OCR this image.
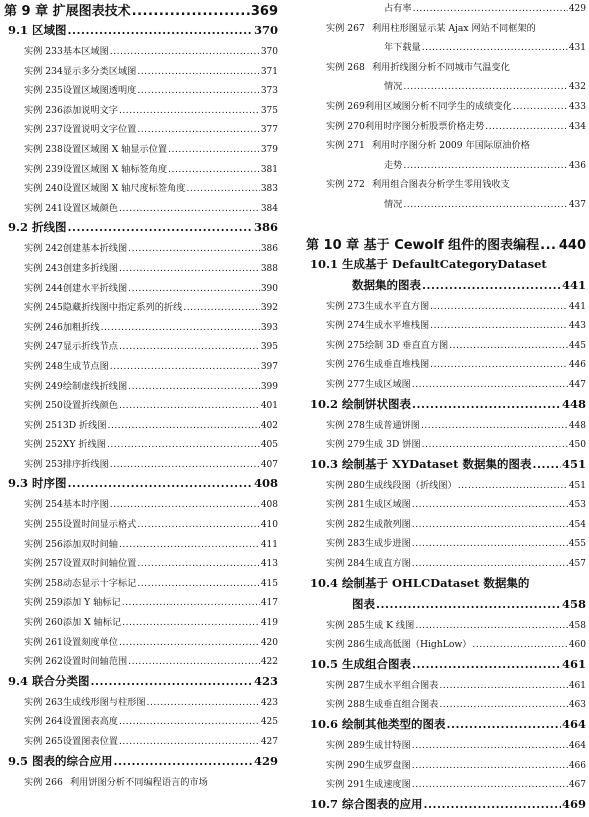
第 9 章 扩展图表技术 .....	369
9.1 区域图 .....	370
实例 233 基本区域图 .....	370
实例 234 显示多分类区域图 .....	371
实例 235 设置区域图透明度 .....	373
实例 236 添加说明文字 .....	375
实例 237 设置说明文字位置 .....	377
实例 238 设置区域图 X 轴显示位置 .....	379
实例 239 设置区域图 X 轴标签角度 .....	381
实例 240 设置区域图 X 轴尺度标签角度 .....	383
实例 241 设置区域颜色 .....	384
9.2 折线图 .....	386
实例 242 创建基本折线图 .....	386
实例 243 创建多折线图 .....	388
实例 244 创建水平折线图 .....	390
实例 245 隐藏折线图中指定系列的折线 .....	392
实例 246 加粗折线 .....	393
实例 247 显示折线节点 .....	395
实例 248 生成节点图 .....	397
实例 249 绘制虚线折线图 .....	399
实例 250 设置折线颜色 .....	401
实例 251 3D 折线图 .....	402
实例 252 XY 折线图 .....	405
实例 253 排序折线图 .....	407
9.3 时序图 .....	408
实例 254 基本时序图 .....	408
实例 255 设置时间显示格式 .....	410
实例 256 添加双时间轴 .....	411
实例 257 设置双时间轴位置 .....	413
实例 258 动态显示十字标记 .....	415
实例 259 添加 Y 轴标记 .....	417
实例 260 添加 X 轴标记 .....	419
实例 261 设置刻度单位 .....	420
实例 262 设置时间轴范围 .....	422
9.4 联合分类图 .....	423
实例 263 生成线形图与柱形图 .....	423
实例 264 设置图表高度 .....	425
实例 265 设置图表位置 .....	427
9.5 图表的综合应用 .....	429
实例 266 利用饼图分析不同编程语言的市场
占有率 .....	429
实例 267 利用柱形图显示某 Ajax 网站不同框架的
年下载量 .....	431
实例 268 利用折线图分析不同城市气温变化
情况 .....	432
实例 269 利用区域图分析不同学生的成绩变化 .....	433
实例 270 利用时序图分析股票价格走势 .....	434
实例 271 利用时序图分析 2009 年国际原油价格
走势 .....	436
实例 272 利用组合图表分析学生零用钱收支
情况 .....	437
第 10 章 基于 Cewolf 组件的图表编程 ..... 440
10.1 生成基于 DefaultCategoryDataset
数据集的图表 .....	441
实例 273 生成水平直方图 .....	441
实例 274 生成水平堆栈图 .....	443
实例 275 绘制 3D 垂直直方图 .....	445
实例 276 生成垂直堆栈图 .....	446
实例 277 生成区域图 .....	447
10.2 绘制饼状图表 .....	448
实例 278 生成普通饼图 .....	448
实例 279 生成 3D 饼图 .....	450
10.3 绘制基于 XYDataset 数据集的图表 .....	451
实例 280 生成线段图（折线图） .....	451
实例 281 生成区域图 .....	453
实例 282 生成散列图 .....	454
实例 283 生成步进图 .....	455
实例 284 生成直方图 .....	457
10.4 绘制基于 OHLCDataset 数据集的
图表 .....	458
实例 285 生成 K 线图 .....	458
实例 286 生成高低图（HighLow） .....	460
10.5 生成组合图表 .....	461
实例 287 生成水平组合图表 .....	461
实例 288 生成垂直组合图表 .....	463
10.6 绘制其他类型的图表 .....	464
实例 289 生成甘特图 .....	464
实例 290 生成罗盘图 .....	466
实例 291 生成速度图 .....	467
10.7 综合图表的应用 .....	469
